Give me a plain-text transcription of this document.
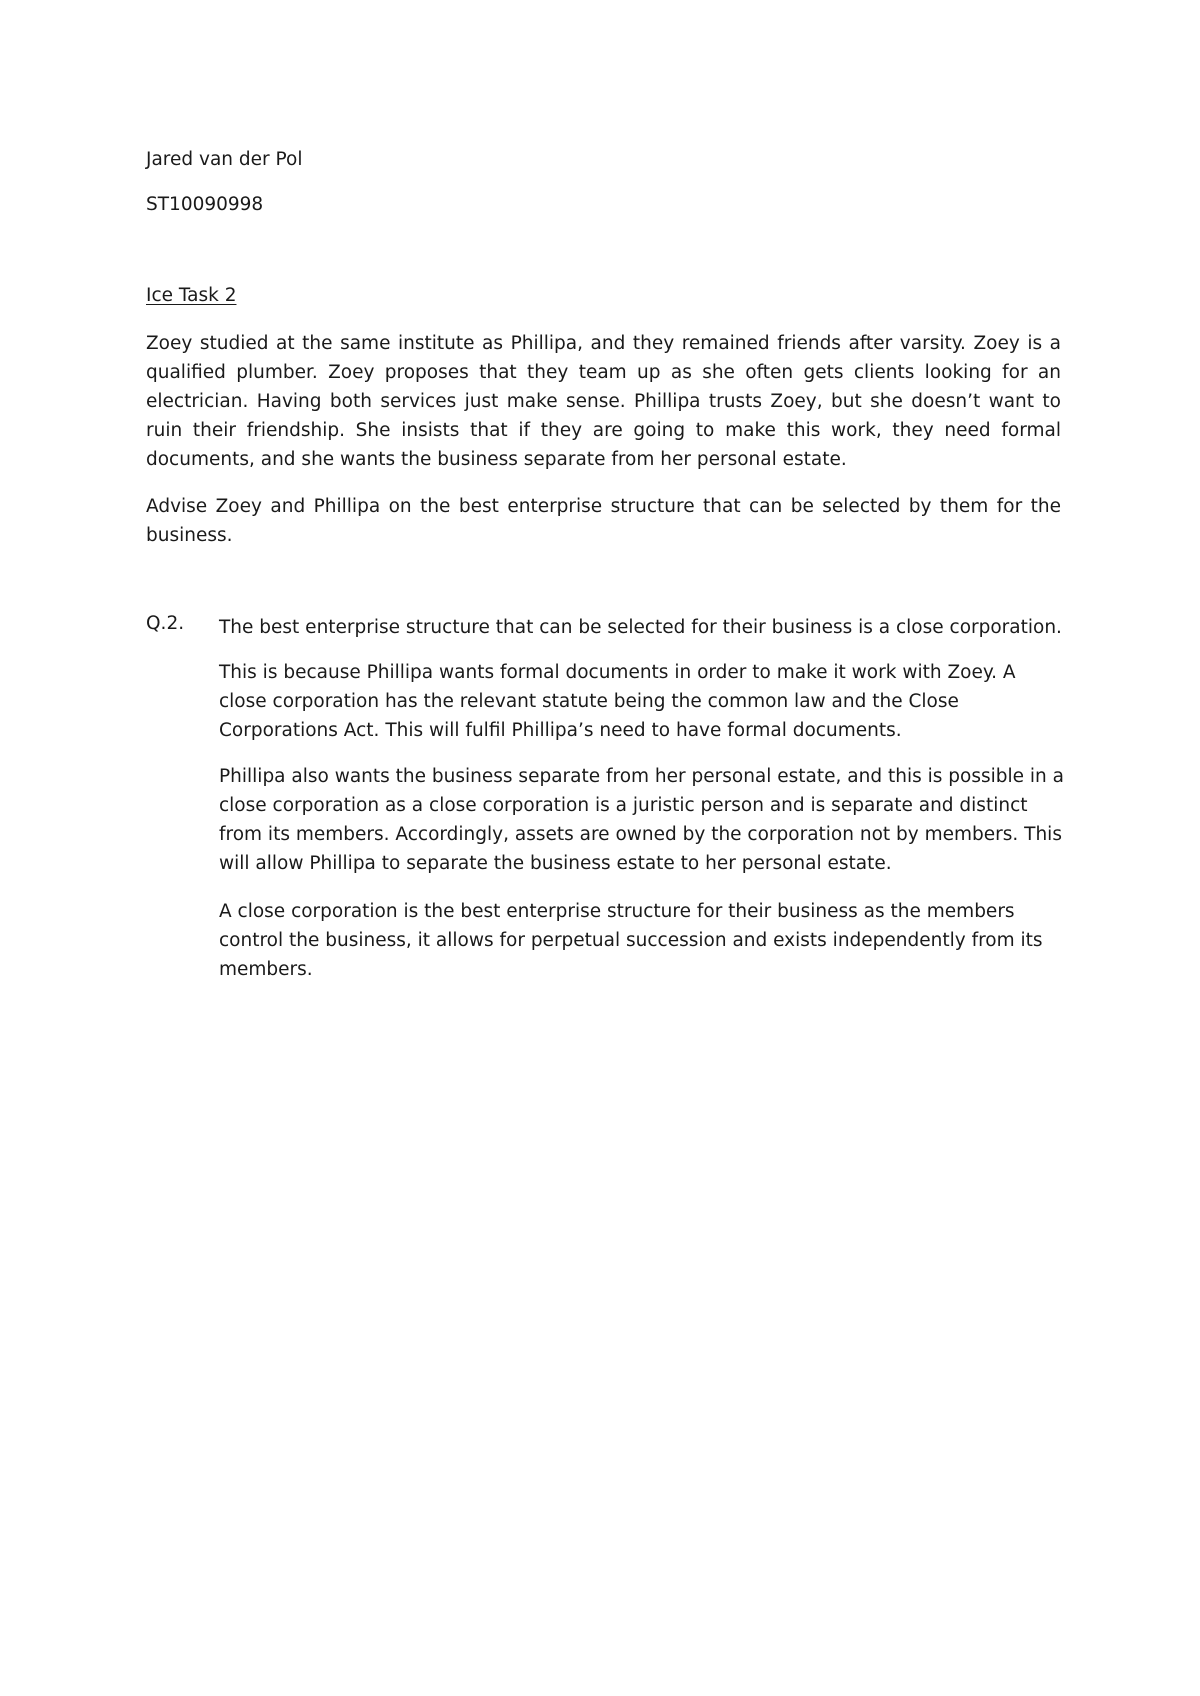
Jared van der Pol

ST10090998

Ice Task 2

Zoey studied at the same institute as Phillipa, and they remained friends after varsity. Zoey is a qualified plumber. Zoey proposes that they team up as she often gets clients looking for an electrician. Having both services just make sense. Phillipa trusts Zoey, but she doesn’t want to ruin their friendship. She insists that if they are going to make this work, they need formal documents, and she wants the business separate from her personal estate.

Advise Zoey and Phillipa on the best enterprise structure that can be selected by them for the business.

Q.2. The best enterprise structure that can be selected for their business is a close corporation.

This is because Phillipa wants formal documents in order to make it work with Zoey. A close corporation has the relevant statute being the common law and the Close Corporations Act. This will fulfil Phillipa’s need to have formal documents.

Phillipa also wants the business separate from her personal estate, and this is possible in a close corporation as a close corporation is a juristic person and is separate and distinct from its members. Accordingly, assets are owned by the corporation not by members. This will allow Phillipa to separate the business estate to her personal estate.

A close corporation is the best enterprise structure for their business as the members control the business, it allows for perpetual succession and exists independently from its members.
